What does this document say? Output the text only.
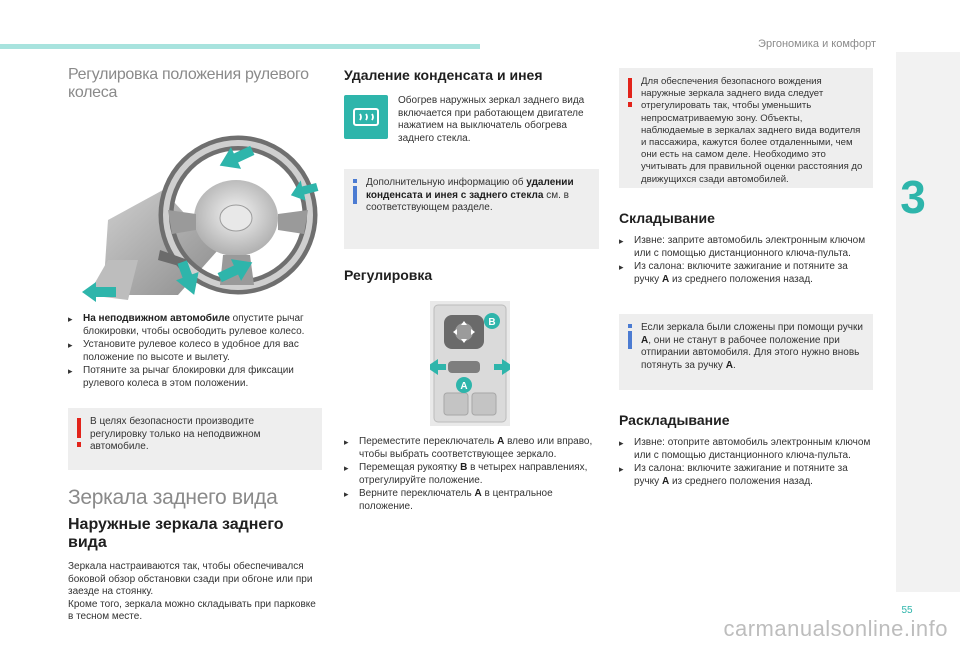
Эргономика и комфорт
3
55
carmanualsonline.info
Регулировка положения рулевого колеса
▸ На неподвижном автомобиле опустите рычаг блокировки, чтобы освободить рулевое колесо.
▸ Установите рулевое колесо в удобное для вас положение по высоте и вылету.
▸ Потяните за рычаг блокировки для фиксации рулевого колеса в этом положении.
В целях безопасности производите регулировку только на неподвижном автомобиле.
Зеркала заднего вида
Наружные зеркала заднего вида
Зеркала настраиваются так, чтобы обеспечивался боковой обзор обстановки сзади при обгоне или при заезде на стоянку.
Кроме того, зеркала можно складывать при парковке в тесном месте.
Удаление конденсата и инея
Обогрев наружных зеркал заднего вида включается при работающем двигателе нажатием на выключатель обогрева заднего стекла.
Дополнительную информацию об удалении конденсата и инея с заднего стекла см. в соответствующем разделе.
Регулировка
B
A
▸ Переместите переключатель A влево или вправо, чтобы выбрать соответствующее зеркало.
▸ Перемещая рукоятку B в четырех направлениях, отрегулируйте положение.
▸ Верните переключатель A в центральное положение.
Для обеспечения безопасного вождения наружные зеркала заднего вида следует отрегулировать так, чтобы уменьшить непросматриваемую зону. Объекты, наблюдаемые в зеркалах заднего вида водителя и пассажира, кажутся более отдаленными, чем они есть на самом деле. Необходимо это учитывать для правильной оценки расстояния до движущихся сзади автомобилей.
Складывание
▸ Извне: заприте автомобиль электронным ключом или с помощью дистанционного ключа-пульта.
▸ Из салона: включите зажигание и потяните за ручку A из среднего положения назад.
Если зеркала были сложены при помощи ручки A, они не станут в рабочее положение при отпирании автомобиля. Для этого нужно вновь потянуть за ручку A.
Раскладывание
▸ Извне: отоприте автомобиль электронным ключом или с помощью дистанционного ключа-пульта.
▸ Из салона: включите зажигание и потяните за ручку A из среднего положения назад.
